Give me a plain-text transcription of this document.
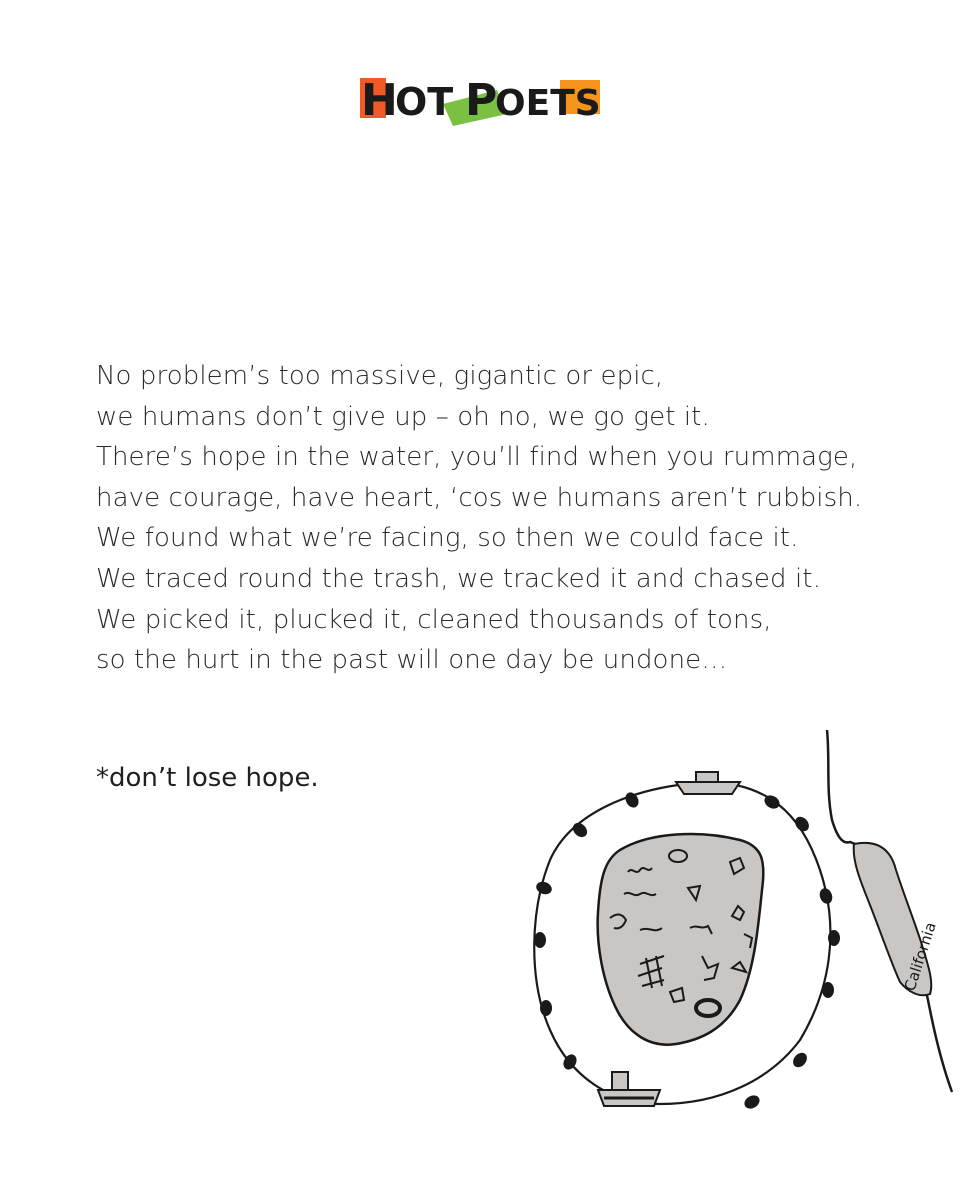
H
OT P
OETS
No problem’s too massive, gigantic or epic,
we humans don’t give up – oh no, we go get it.
There’s hope in the water, you’ll find when you rummage,
have courage, have heart, ‘cos we humans aren’t rubbish.
We found what we’re facing, so then we could face it.
We traced round the trash, we tracked it and chased it.
We picked it, plucked it, cleaned thousands of tons,
so the hurt in the past will one day be undone…
*don’t lose hope.
California
